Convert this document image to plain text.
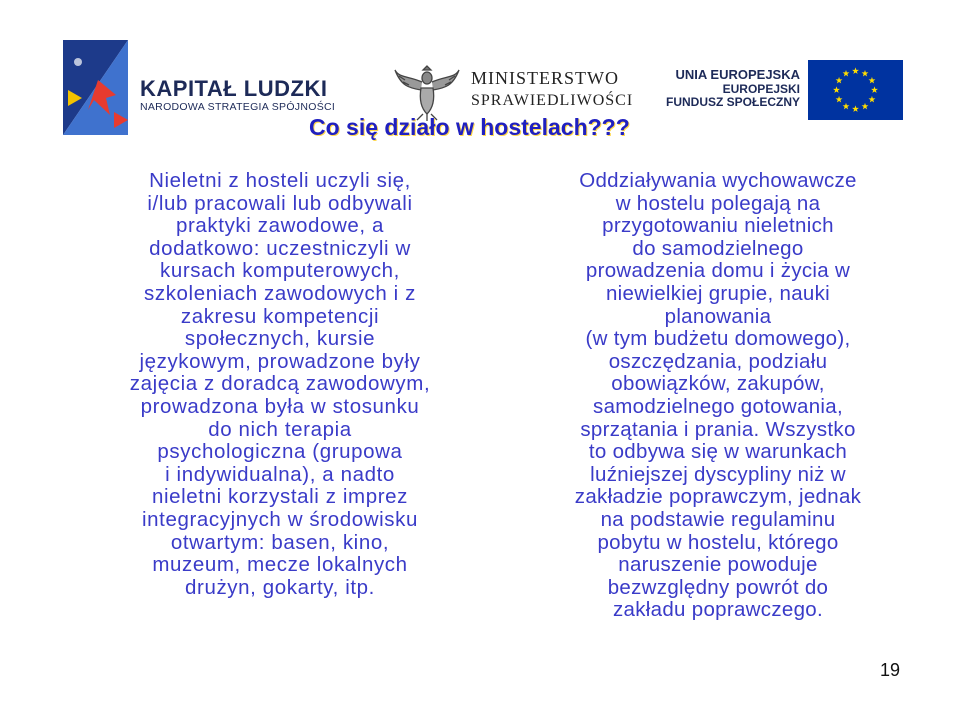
KAPITAŁ LUDZKI
NARODOWA STRATEGIA SPÓJNOŚCI
MINISTERSTWO
SPRAWIEDLIWOŚCI
UNIA EUROPEJSKA
EUROPEJSKI
FUNDUSZ SPOŁECZNY
Co się działo w hostelach???
Nieletni z hosteli uczyli się,
i/lub pracowali lub odbywali
praktyki zawodowe, a
dodatkowo: uczestniczyli w
kursach komputerowych,
szkoleniach zawodowych i z
zakresu kompetencji
społecznych, kursie
językowym, prowadzone były
zajęcia z doradcą zawodowym,
prowadzona była w stosunku
do nich terapia
psychologiczna (grupowa
i indywidualna), a nadto
nieletni korzystali z imprez
integracyjnych w środowisku
otwartym: basen, kino,
muzeum, mecze lokalnych
drużyn, gokarty, itp.
Oddziaływania wychowawcze
w hostelu polegają na
przygotowaniu nieletnich
do samodzielnego
prowadzenia domu i życia w
niewielkiej grupie, nauki
planowania
(w tym budżetu domowego),
oszczędzania, podziału
obowiązków, zakupów,
samodzielnego gotowania,
sprzątania i prania. Wszystko
to odbywa się w warunkach
luźniejszej dyscypliny niż w
zakładzie poprawczym, jednak
na podstawie regulaminu
pobytu w hostelu, którego
naruszenie powoduje
bezwzględny powrót do
zakładu poprawczego.
19
